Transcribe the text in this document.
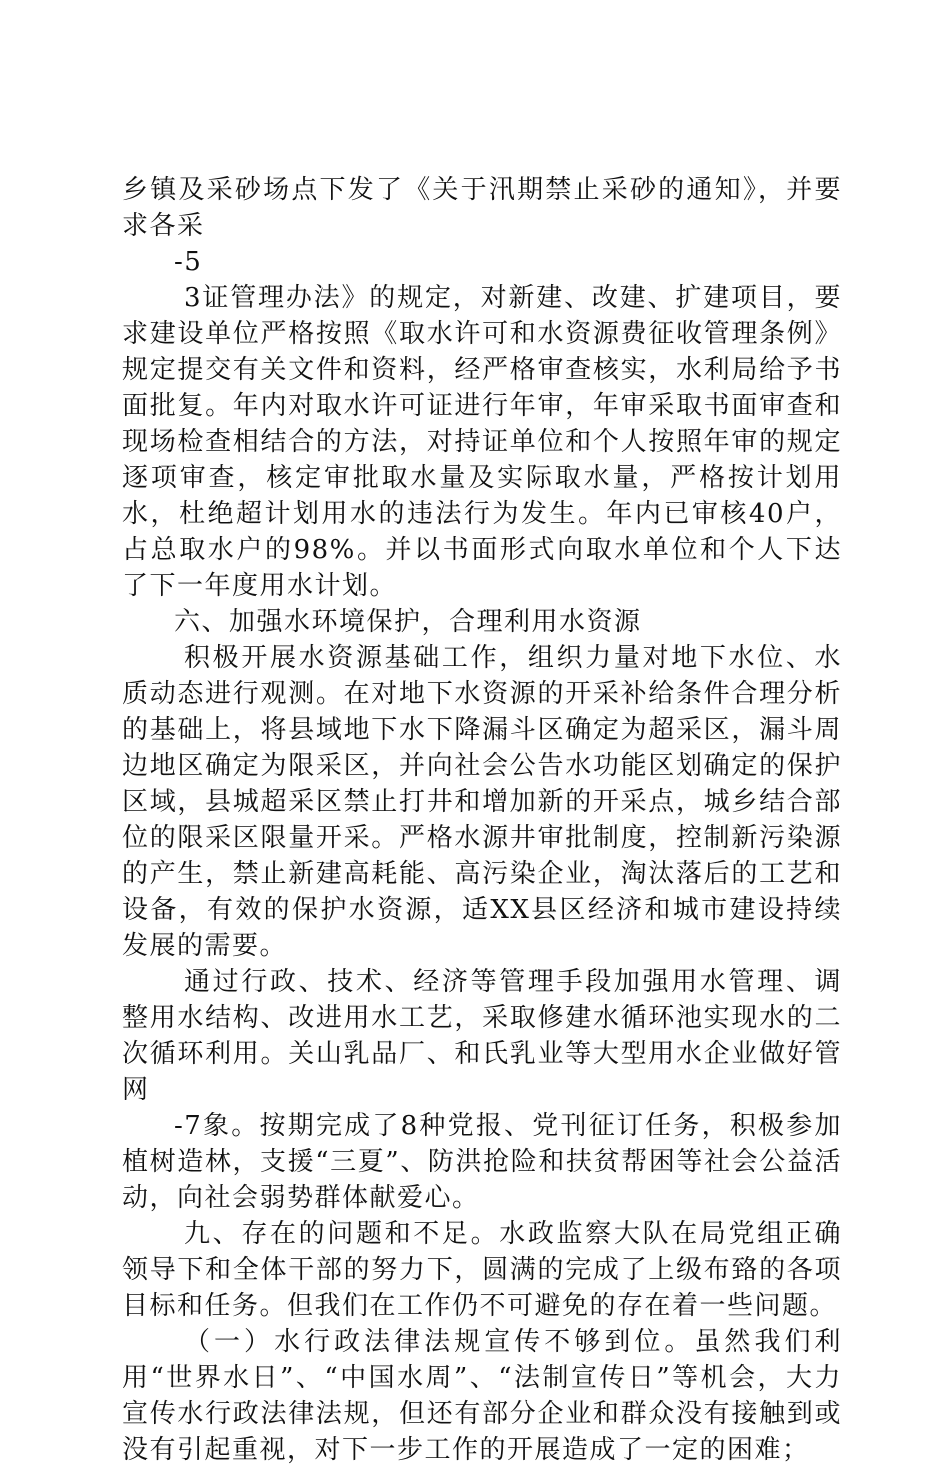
乡镇及采砂场点下发了《关于汛期禁止采砂的通知》，并要求各采

-5

3证管理办法》的规定，对新建、改建、扩建项目，要求建设单位严格按照《取水许可和水资源费征收管理条例》规定提交有关文件和资料，经严格审查核实，水利局给予书面批复。年内对取水许可证进行年审，年审采取书面审查和现场检查相结合的方法，对持证单位和个人按照年审的规定逐项审查，核定审批取水量及实际取水量，严格按计划用水，杜绝超计划用水的违法行为发生。年内已审核40户，占总取水户的98%。并以书面形式向取水单位和个人下达了下一年度用水计划。

六、加强水环境保护，合理利用水资源

积极开展水资源基础工作，组织力量对地下水位、水质动态进行观测。在对地下水资源的开采补给条件合理分析的基础上，将县域地下水下降漏斗区确定为超采区，漏斗周边地区确定为限采区，并向社会公告水功能区划确定的保护区域，县城超采区禁止打井和增加新的开采点，城乡结合部位的限采区限量开采。严格水源井审批制度，控制新污染源的产生，禁止新建高耗能、高污染企业，淘汰落后的工艺和设备，有效的保护水资源，适XX县区经济和城市建设持续发展的需要。

通过行政、技术、经济等管理手段加强用水管理、调整用水结构、改进用水工艺，采取修建水循环池实现水的二次循环利用。关山乳品厂、和氏乳业等大型用水企业做好管网

-7象。按期完成了8种党报、党刊征订任务，积极参加植树造林，支援“三夏”、防洪抢险和扶贫帮困等社会公益活动，向社会弱势群体献爱心。

九、存在的问题和不足。水政监察大队在局党组正确领导下和全体干部的努力下，圆满的完成了上级布臵的各项目标和任务。但我们在工作仍不可避免的存在着一些问题。

（一）水行政法律法规宣传不够到位。虽然我们利用“世界水日”、“中国水周”、“法制宣传日”等机会，大力宣传水行政法律法规，但还有部分企业和群众没有接触到或没有引起重视，对下一步工作的开展造成了一定的困难；
